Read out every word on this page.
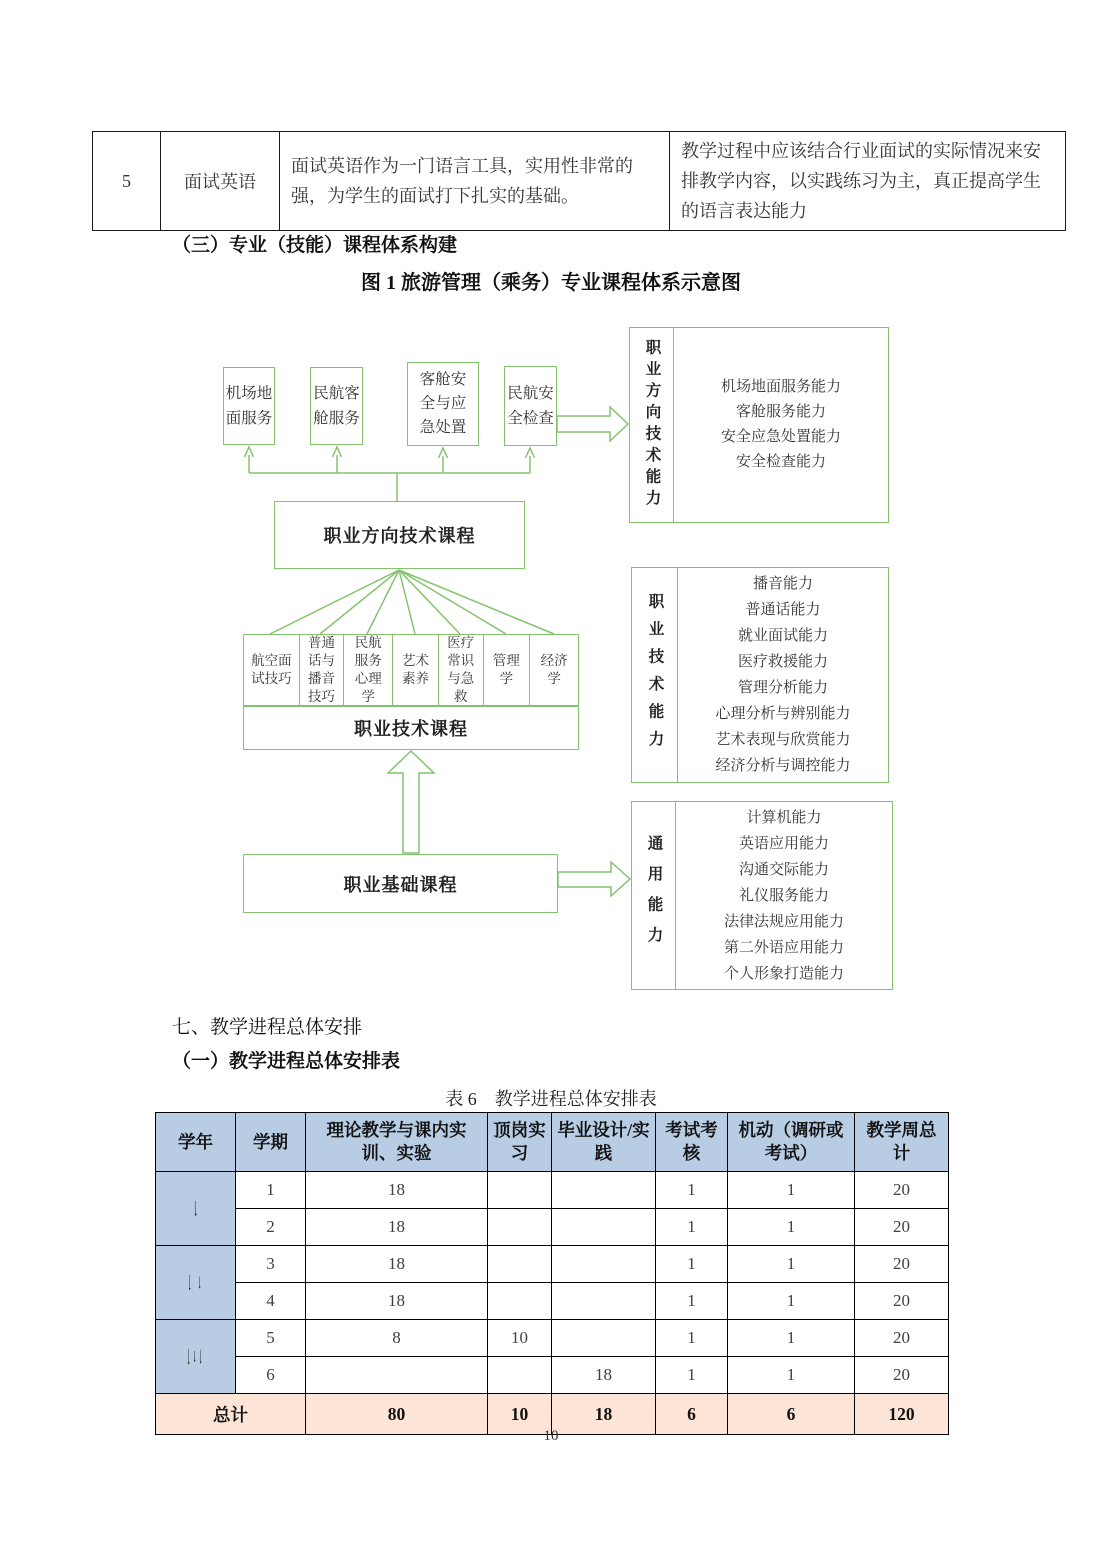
5	面试英语	面试英语作为一门语言工具，实用性非常的强，为学生的面试打下扎实的基础。	教学过程中应该结合行业面试的实际情况来安排教学内容，以实践练习为主，真正提高学生的语言表达能力
（三）专业（技能）课程体系构建
图 1 旅游管理（乘务）专业课程体系示意图
机场地面服务
民航客舱服务
客舱安全与应急处置
民航安全检查
职业方向技术课程
航空面试技巧
普通话与播音技巧
民航服务心理学
艺术素养
医疗常识与急救
管理学
经济学
职业技术课程
职业基础课程
职业方向技术能力	机场地面服务能力
客舱服务能力
安全应急处置能力
安全检查能力
职业技术能力
播音能力
普通话能力
就业面试能力
医疗救援能力
管理分析能力
心理分析与辨别能力
艺术表现与欣赏能力
经济分析与调控能力
通用能力
计算机能力
英语应用能力
沟通交际能力
礼仪服务能力
法律法规应用能力
第二外语应用能力
个人形象打造能力
七、教学进程总体安排
（一）教学进程总体安排表
表 6　教学进程总体安排表
学年	学期	理论教学与课内实训、实验	顶岗实习	毕业设计/实践	考试考核	机动（调研或考试）	教学周总计
一	1	18			1	1	20
	2	18			1	1	20
二	3	18			1	1	20
	4	18			1	1	20
三	5	8	10		1	1	20
	6			18	1	1	20
总计		80	10	18	6	6	120
10
